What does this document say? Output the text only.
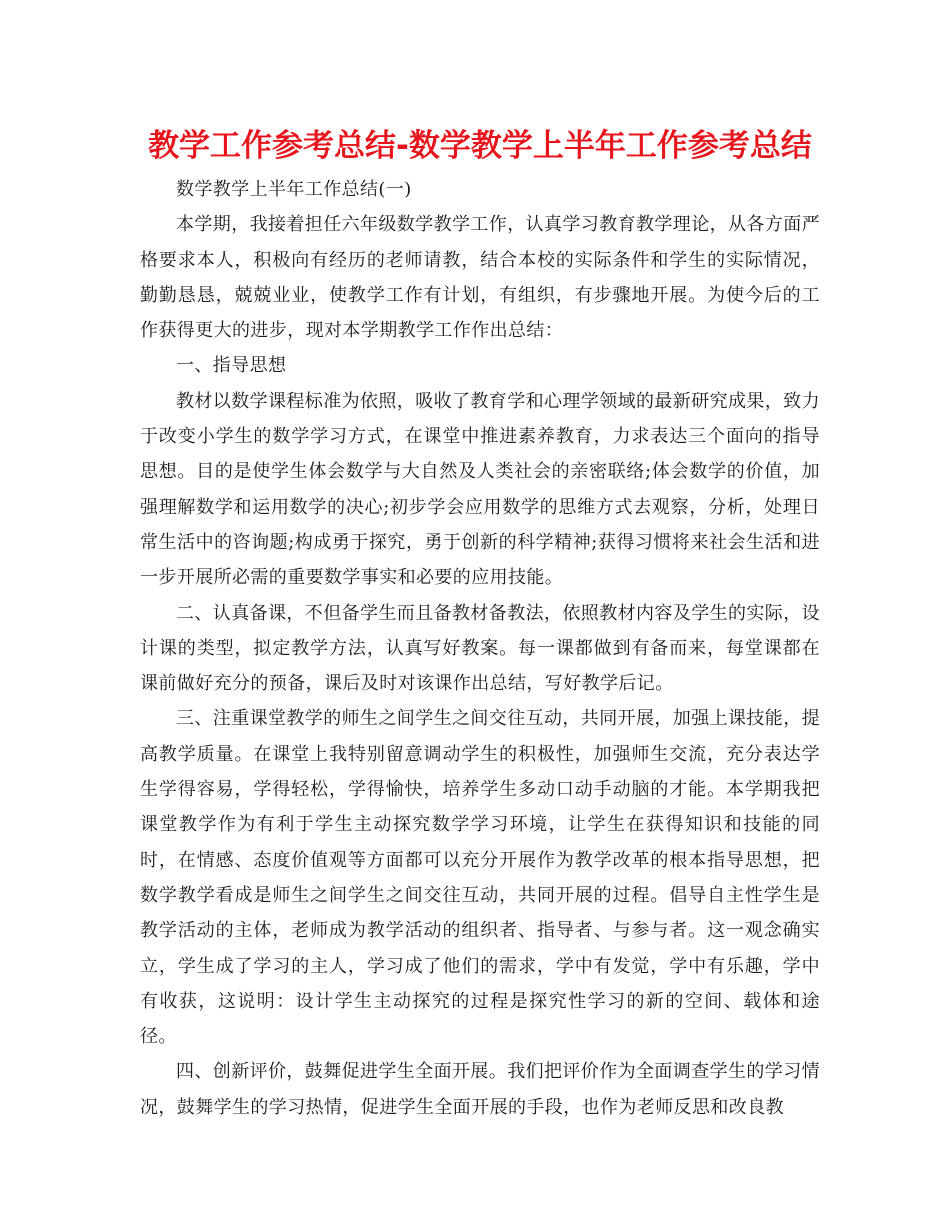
教学工作参考总结-数学教学上半年工作参考总结

数学教学上半年工作总结(一)

本学期，我接着担任六年级数学教学工作，认真学习教育教学理论，从各方面严格要求本人，积极向有经历的老师请教，结合本校的实际条件和学生的实际情况，勤勤恳恳，兢兢业业，使教学工作有计划，有组织，有步骤地开展。为使今后的工作获得更大的进步，现对本学期教学工作作出总结：

一、指导思想

教材以数学课程标准为依照，吸收了教育学和心理学领域的最新研究成果，致力于改变小学生的数学学习方式，在课堂中推进素养教育，力求表达三个面向的指导思想。目的是使学生体会数学与大自然及人类社会的亲密联络;体会数学的价值，加强理解数学和运用数学的决心;初步学会应用数学的思维方式去观察，分析，处理日常生活中的咨询题;构成勇于探究，勇于创新的科学精神;获得习惯将来社会生活和进一步开展所必需的重要数学事实和必要的应用技能。

二、认真备课，不但备学生而且备教材备教法，依照教材内容及学生的实际，设计课的类型，拟定教学方法，认真写好教案。每一课都做到有备而来，每堂课都在课前做好充分的预备，课后及时对该课作出总结，写好教学后记。

三、注重课堂教学的师生之间学生之间交往互动，共同开展，加强上课技能，提高教学质量。在课堂上我特别留意调动学生的积极性，加强师生交流，充分表达学生学得容易，学得轻松，学得愉快，培养学生多动口动手动脑的才能。本学期我把课堂教学作为有利于学生主动探究数学学习环境，让学生在获得知识和技能的同时，在情感、态度价值观等方面都可以充分开展作为教学改革的根本指导思想，把数学教学看成是师生之间学生之间交往互动，共同开展的过程。倡导自主性学生是教学活动的主体，老师成为教学活动的组织者、指导者、与参与者。这一观念确实立，学生成了学习的主人，学习成了他们的需求，学中有发觉，学中有乐趣，学中有收获，这说明：设计学生主动探究的过程是探究性学习的新的空间、载体和途径。

四、创新评价，鼓舞促进学生全面开展。我们把评价作为全面调查学生的学习情况，鼓舞学生的学习热情，促进学生全面开展的手段，也作为老师反思和改良教
